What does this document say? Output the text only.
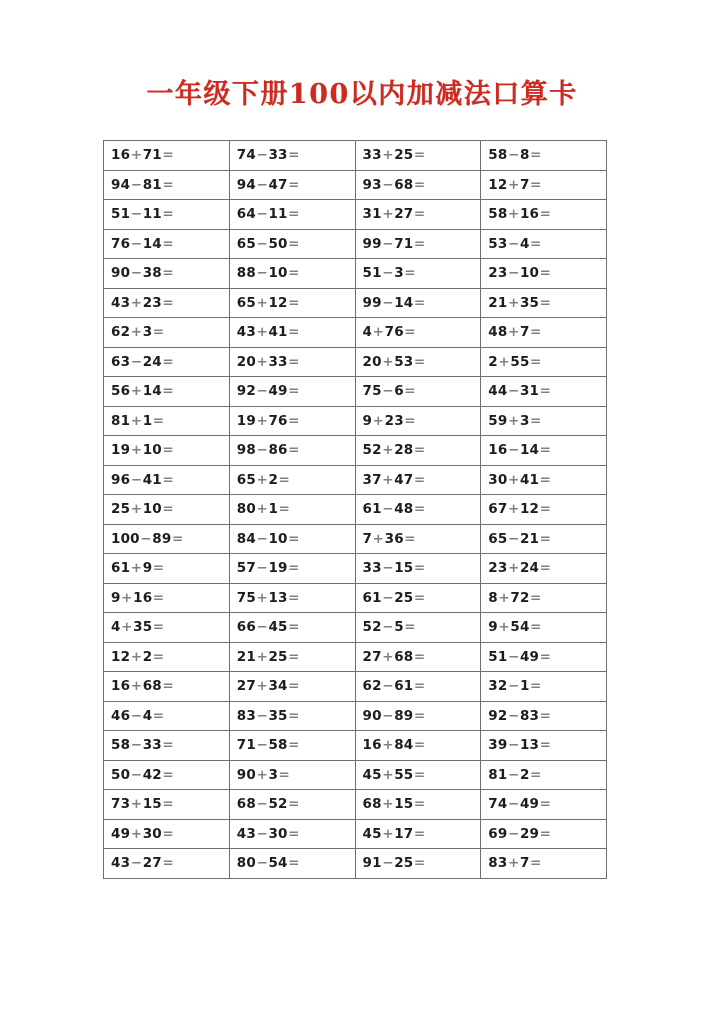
一年级下册100以内加减法口算卡
16+71=	74−33=	33+25=	58−8=
94−81=	94−47=	93−68=	12+7=
51−11=	64−11=	31+27=	58+16=
76−14=	65−50=	99−71=	53−4=
90−38=	88−10=	51−3=	23−10=
43+23=	65+12=	99−14=	21+35=
62+3=	43+41=	4+76=	48+7=
63−24=	20+33=	20+53=	2+55=
56+14=	92−49=	75−6=	44−31=
81+1=	19+76=	9+23=	59+3=
19+10=	98−86=	52+28=	16−14=
96−41=	65+2=	37+47=	30+41=
25+10=	80+1=	61−48=	67+12=
100−89=	84−10=	7+36=	65−21=
61+9=	57−19=	33−15=	23+24=
9+16=	75+13=	61−25=	8+72=
4+35=	66−45=	52−5=	9+54=
12+2=	21+25=	27+68=	51−49=
16+68=	27+34=	62−61=	32−1=
46−4=	83−35=	90−89=	92−83=
58−33=	71−58=	16+84=	39−13=
50−42=	90+3=	45+55=	81−2=
73+15=	68−52=	68+15=	74−49=
49+30=	43−30=	45+17=	69−29=
43−27=	80−54=	91−25=	83+7=
